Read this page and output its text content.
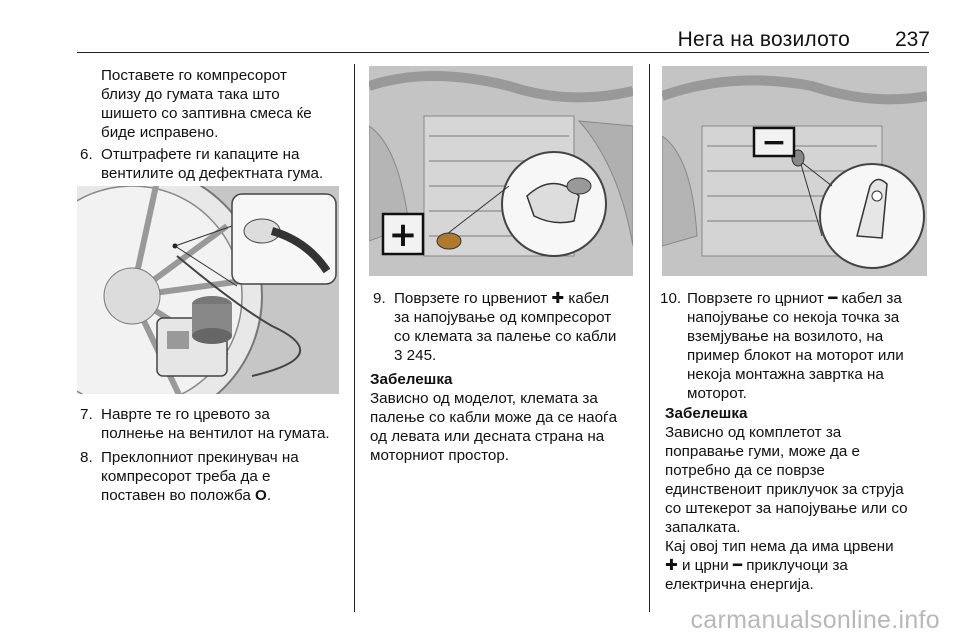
Нега на возилото	237
Поставете го компресорот
близу до гумата така што
шишето со заптивна смеса ќе
биде исправено.
6. Отштрафете ги капаците на
вентилите од дефектната гума.
7. Наврте те го цревото за
полнење на вентилот на гумата.
8. Преклопниот прекинувач на
компресорот треба да е
поставен во положба O.
+
9. Поврзете го црвениот ✚ кабел
за напојување од компресорот
со клемата за палење со кабли
3 245.
Забелешка
Зависно од моделот, клемата за
палење со кабли може да се наоѓа
од левата или десната страна на
моторниот простор.
−
10. Поврзете го црниот ━ кабел за
напојување со некоја точка за
вземјување на возилото, на
пример блокот на моторот или
некоја монтажна завртка на
моторот.
Забелешка
Зависно од комплетот за
поправање гуми, може да е
потребно да се поврзе
единственоит приклучок за струја
со штекерот за напојување или со
запалката.
Кај овој тип нема да има црвени
✚ и црни ━ приклучоци за
електрична енергија.
carmanualsonline.info
